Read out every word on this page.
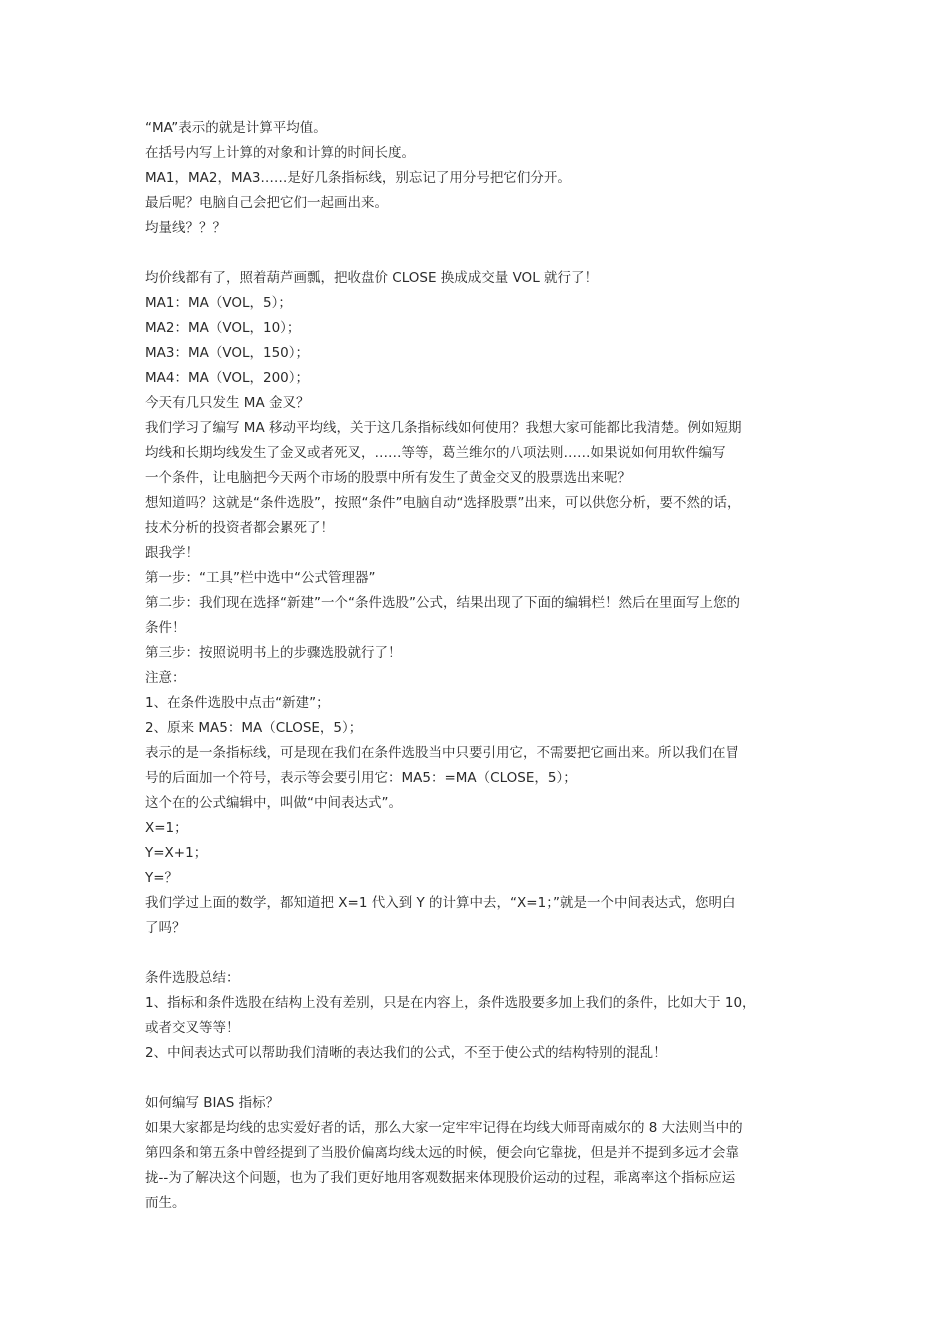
“MA”表示的就是计算平均值。
在括号内写上计算的对象和计算的时间长度。
MA1，MA2，MA3……是好几条指标线，别忘记了用分号把它们分开。
最后呢？电脑自己会把它们一起画出来。
均量线？？？
均价线都有了，照着葫芦画瓢，把收盘价 CLOSE 换成成交量 VOL 就行了！
MA1：MA（VOL，5）；
MA2：MA（VOL，10）；
MA3：MA（VOL，150）；
MA4：MA（VOL，200）；
今天有几只发生 MA 金叉？
我们学习了编写 MA 移动平均线，关于这几条指标线如何使用？我想大家可能都比我清楚。例如短期
均线和长期均线发生了金叉或者死叉，……等等，葛兰维尔的八项法则……如果说如何用软件编写
一个条件，让电脑把今天两个市场的股票中所有发生了黄金交叉的股票选出来呢？
想知道吗？这就是“条件选股”，按照“条件”电脑自动“选择股票”出来，可以供您分析，要不然的话，
技术分析的投资者都会累死了！
跟我学！
第一步：“工具”栏中选中“公式管理器”
第二步：我们现在选择“新建”一个“条件选股”公式，结果出现了下面的编辑栏！然后在里面写上您的
条件！
第三步：按照说明书上的步骤选股就行了！
注意：
1、在条件选股中点击“新建”；
2、原来 MA5：MA（CLOSE，5）；
表示的是一条指标线，可是现在我们在条件选股当中只要引用它，不需要把它画出来。所以我们在冒
号的后面加一个符号，表示等会要引用它：MA5：=MA（CLOSE，5）；
这个在的公式编辑中，叫做“中间表达式”。
X=1；
Y=X+1；
Y=？
我们学过上面的数学，都知道把 X=1 代入到 Y 的计算中去，“X=1；”就是一个中间表达式，您明白
了吗？
条件选股总结：
1、指标和条件选股在结构上没有差别，只是在内容上，条件选股要多加上我们的条件，比如大于 10，
或者交叉等等！
2、中间表达式可以帮助我们清晰的表达我们的公式，不至于使公式的结构特别的混乱！
如何编写 BIAS 指标？
如果大家都是均线的忠实爱好者的话，那么大家一定牢牢记得在均线大师哥南威尔的 8 大法则当中的
第四条和第五条中曾经提到了当股价偏离均线太远的时候，便会向它靠拢，但是并不提到多远才会靠
拢--为了解决这个问题，也为了我们更好地用客观数据来体现股价运动的过程，乖离率这个指标应运
而生。
